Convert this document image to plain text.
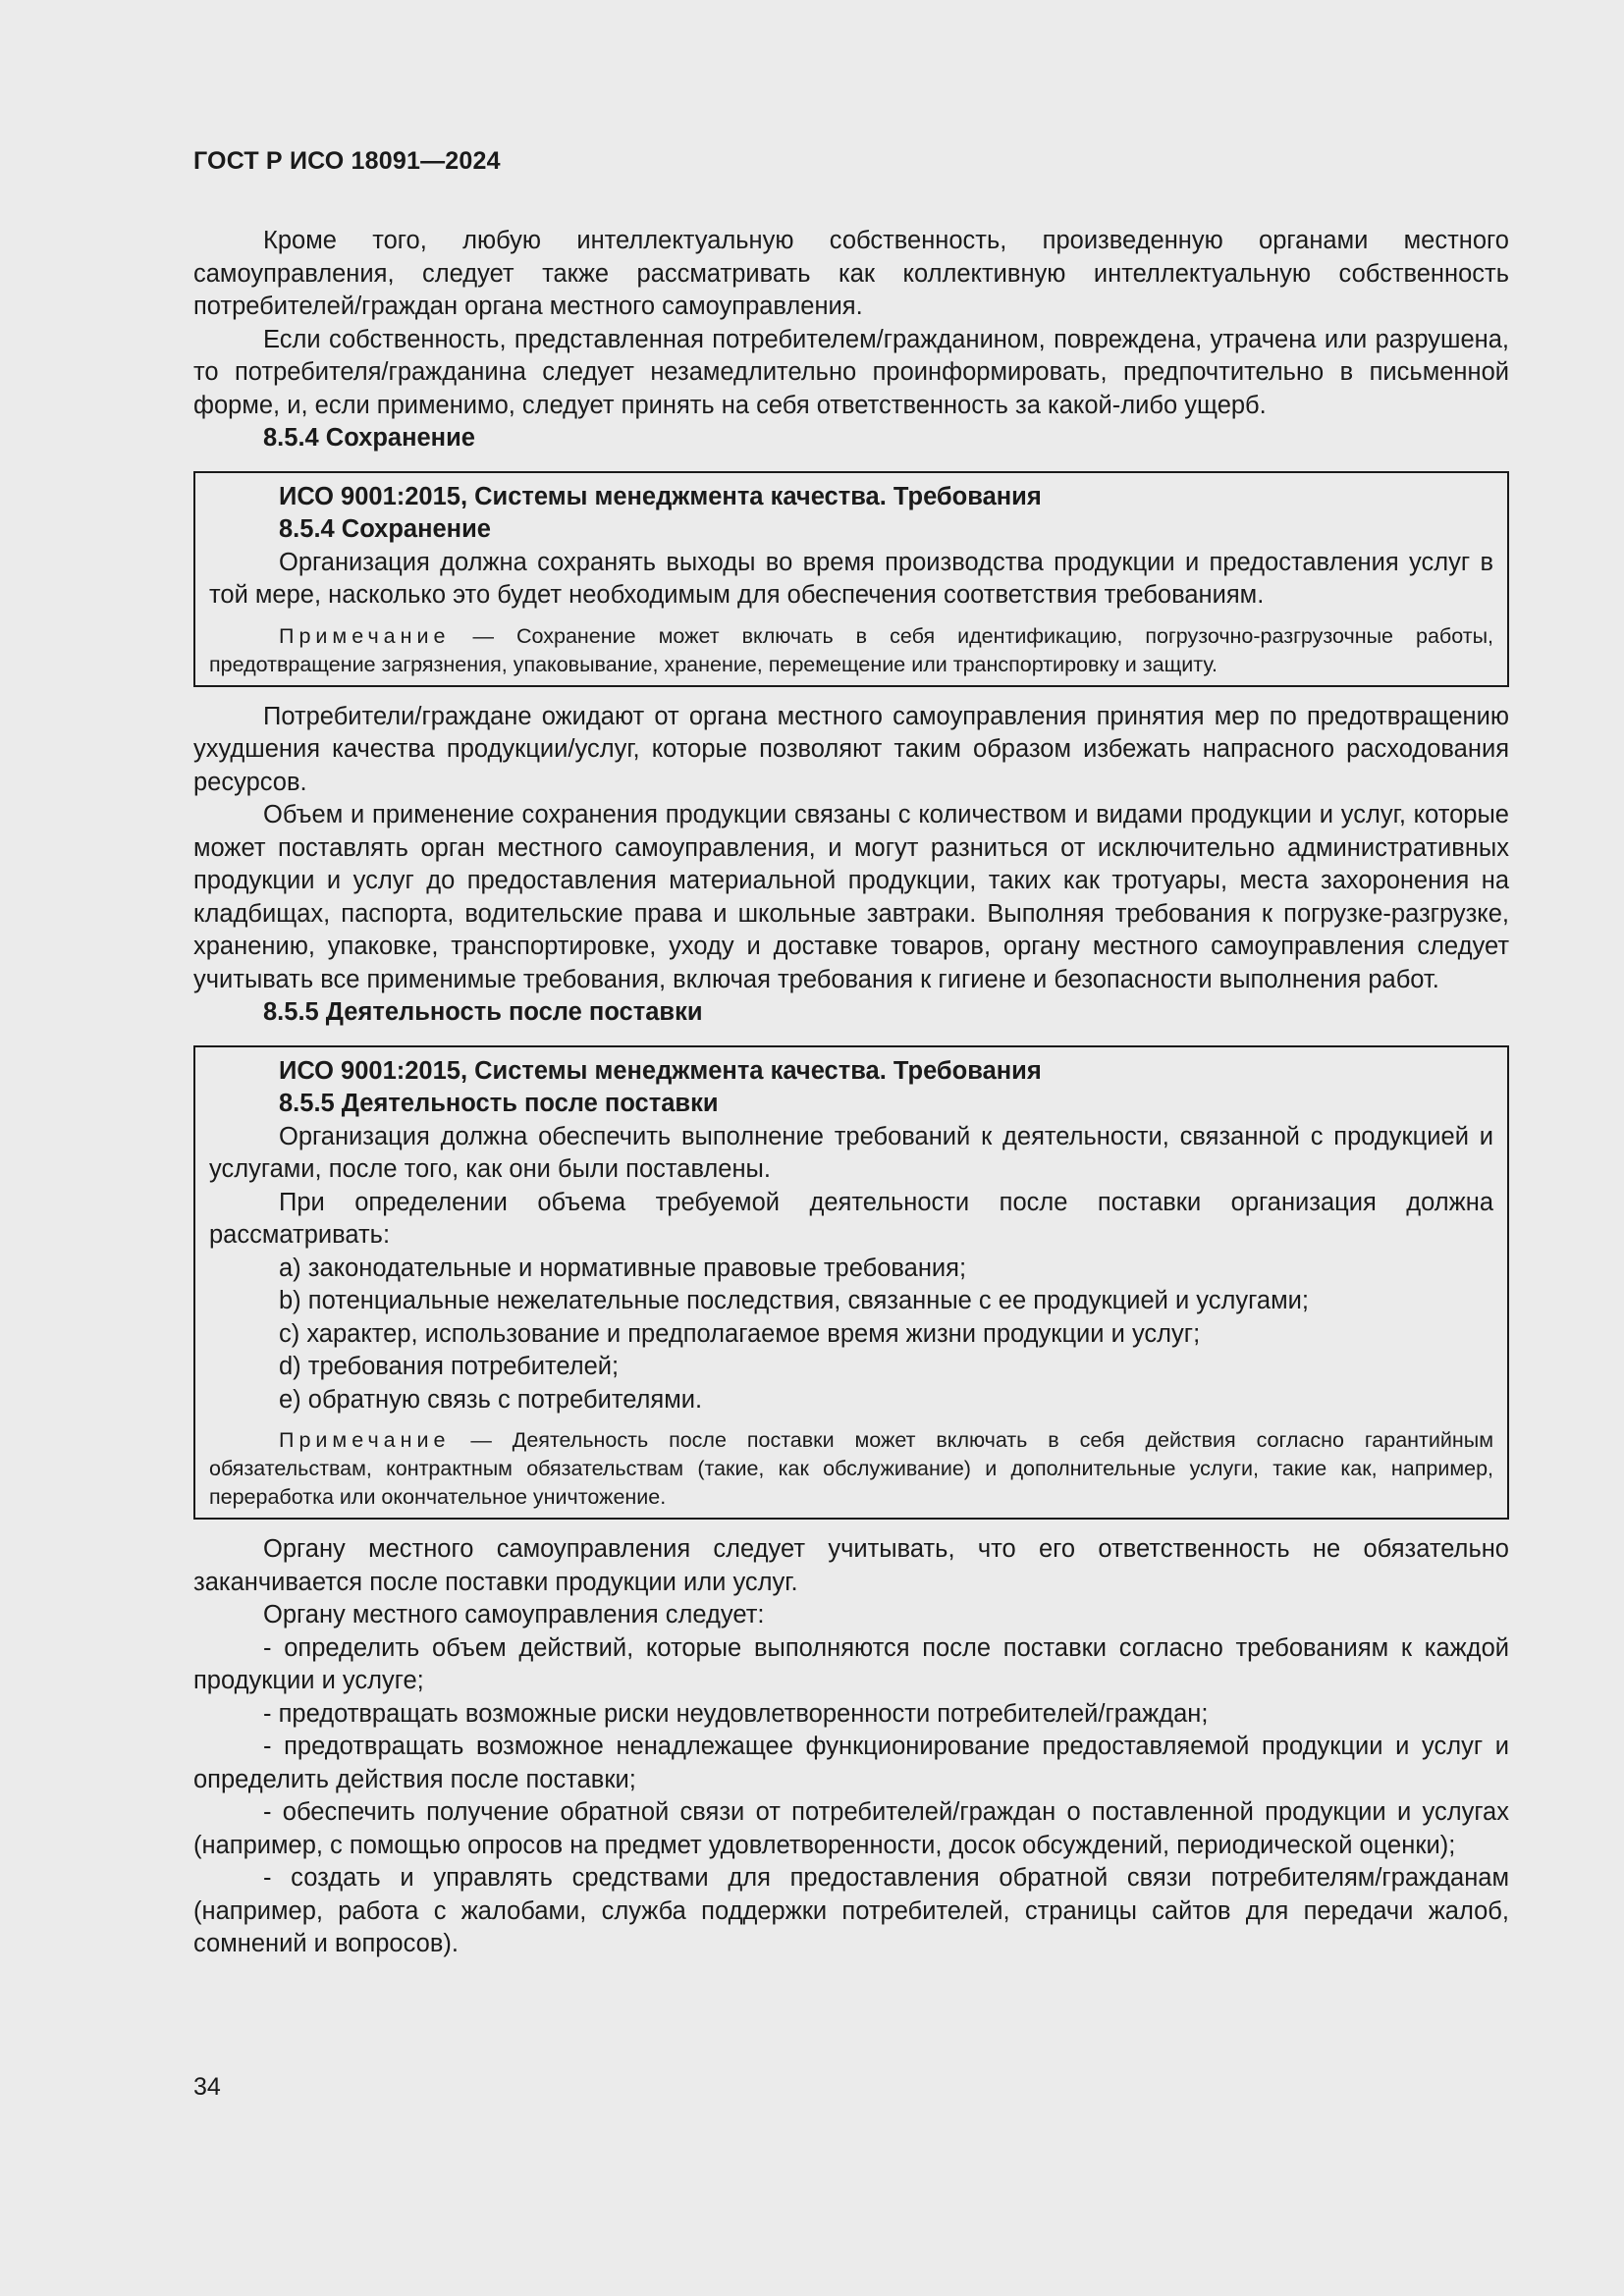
ГОСТ Р ИСО 18091—2024

Кроме того, любую интеллектуальную собственность, произведенную органами местного самоуправления, следует также рассматривать как коллективную интеллектуальную собственность потребителей/граждан органа местного самоуправления.

Если собственность, представленная потребителем/гражданином, повреждена, утрачена или разрушена, то потребителя/гражданина следует незамедлительно проинформировать, предпочтительно в письменной форме, и, если применимо, следует принять на себя ответственность за какой-либо ущерб.

8.5.4 Сохранение

ИСО 9001:2015, Системы менеджмента качества. Требования

8.5.4 Сохранение

Организация должна сохранять выходы во время производства продукции и предоставления услуг в той мере, насколько это будет необходимым для обеспечения соответствия требованиям.

Примечание — Сохранение может включать в себя идентификацию, погрузочно-разгрузочные работы, предотвращение загрязнения, упаковывание, хранение, перемещение или транспортировку и защиту.

Потребители/граждане ожидают от органа местного самоуправления принятия мер по предотвращению ухудшения качества продукции/услуг, которые позволяют таким образом избежать напрасного расходования ресурсов.

Объем и применение сохранения продукции связаны с количеством и видами продукции и услуг, которые может поставлять орган местного самоуправления, и могут разниться от исключительно административных продукции и услуг до предоставления материальной продукции, таких как тротуары, места захоронения на кладбищах, паспорта, водительские права и школьные завтраки. Выполняя требования к погрузке-разгрузке, хранению, упаковке, транспортировке, уходу и доставке товаров, органу местного самоуправления следует учитывать все применимые требования, включая требования к гигиене и безопасности выполнения работ.

8.5.5 Деятельность после поставки

ИСО 9001:2015, Системы менеджмента качества. Требования

8.5.5 Деятельность после поставки

Организация должна обеспечить выполнение требований к деятельности, связанной с продукцией и услугами, после того, как они были поставлены.

При определении объема требуемой деятельности после поставки организация должна рассматривать:

a) законодательные и нормативные правовые требования;

b) потенциальные нежелательные последствия, связанные с ее продукцией и услугами;

c) характер, использование и предполагаемое время жизни продукции и услуг;

d) требования потребителей;

e) обратную связь с потребителями.

Примечание — Деятельность после поставки может включать в себя действия согласно гарантийным обязательствам, контрактным обязательствам (такие, как обслуживание) и дополнительные услуги, такие как, например, переработка или окончательное уничтожение.

Органу местного самоуправления следует учитывать, что его ответственность не обязательно заканчивается после поставки продукции или услуг.

Органу местного самоуправления следует:

- определить объем действий, которые выполняются после поставки согласно требованиям к каждой продукции и услуге;

- предотвращать возможные риски неудовлетворенности потребителей/граждан;

- предотвращать возможное ненадлежащее функционирование предоставляемой продукции и услуг и определить действия после поставки;

- обеспечить получение обратной связи от потребителей/граждан о поставленной продукции и услугах (например, с помощью опросов на предмет удовлетворенности, досок обсуждений, периодической оценки);

- создать и управлять средствами для предоставления обратной связи потребителям/гражданам (например, работа с жалобами, служба поддержки потребителей, страницы сайтов для передачи жалоб, сомнений и вопросов).

34
